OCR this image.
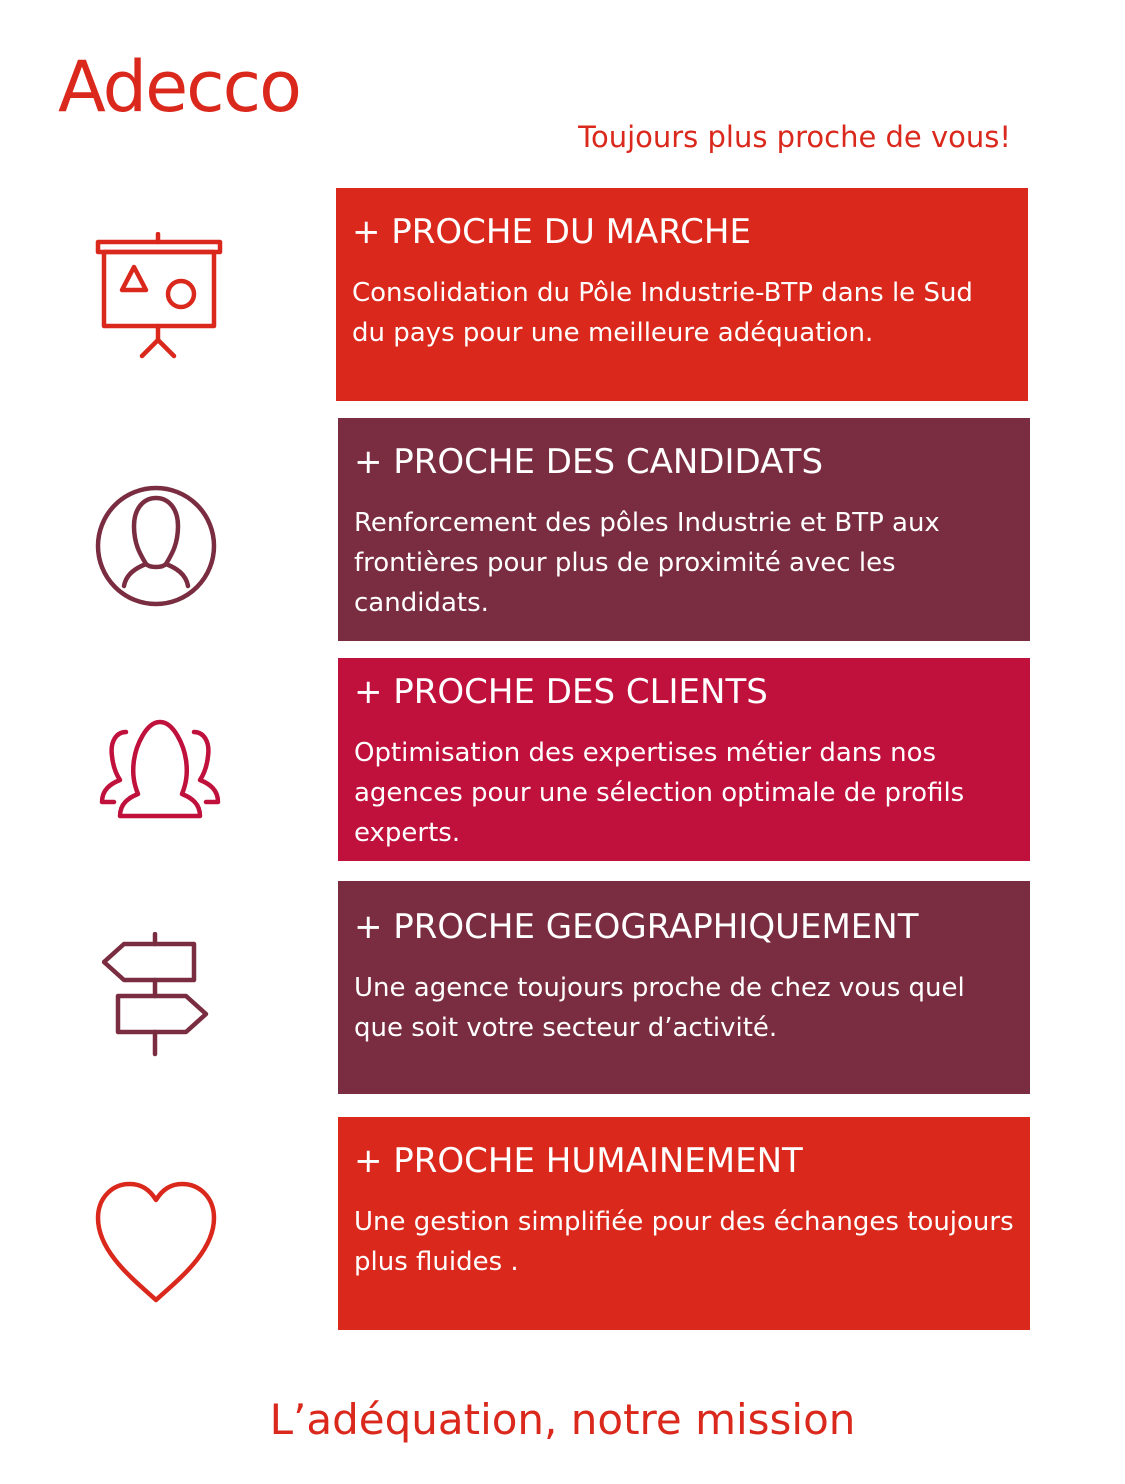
Adecco

Toujours plus proche de vous!

+ PROCHE DU MARCHE

Consolidation du Pôle Industrie-BTP dans le Sud du pays pour une meilleure adéquation.

+ PROCHE DES CANDIDATS

Renforcement des pôles Industrie et BTP aux frontières pour plus de proximité avec les candidats.

+ PROCHE DES CLIENTS

Optimisation des expertises métier dans nos agences pour une sélection optimale de profils experts.

+ PROCHE GEOGRAPHIQUEMENT

Une agence toujours proche de chez vous quel que soit votre secteur d’activité.

+ PROCHE HUMAINEMENT

Une gestion simplifiée pour des échanges toujours plus fluides .

L’adéquation, notre mission
